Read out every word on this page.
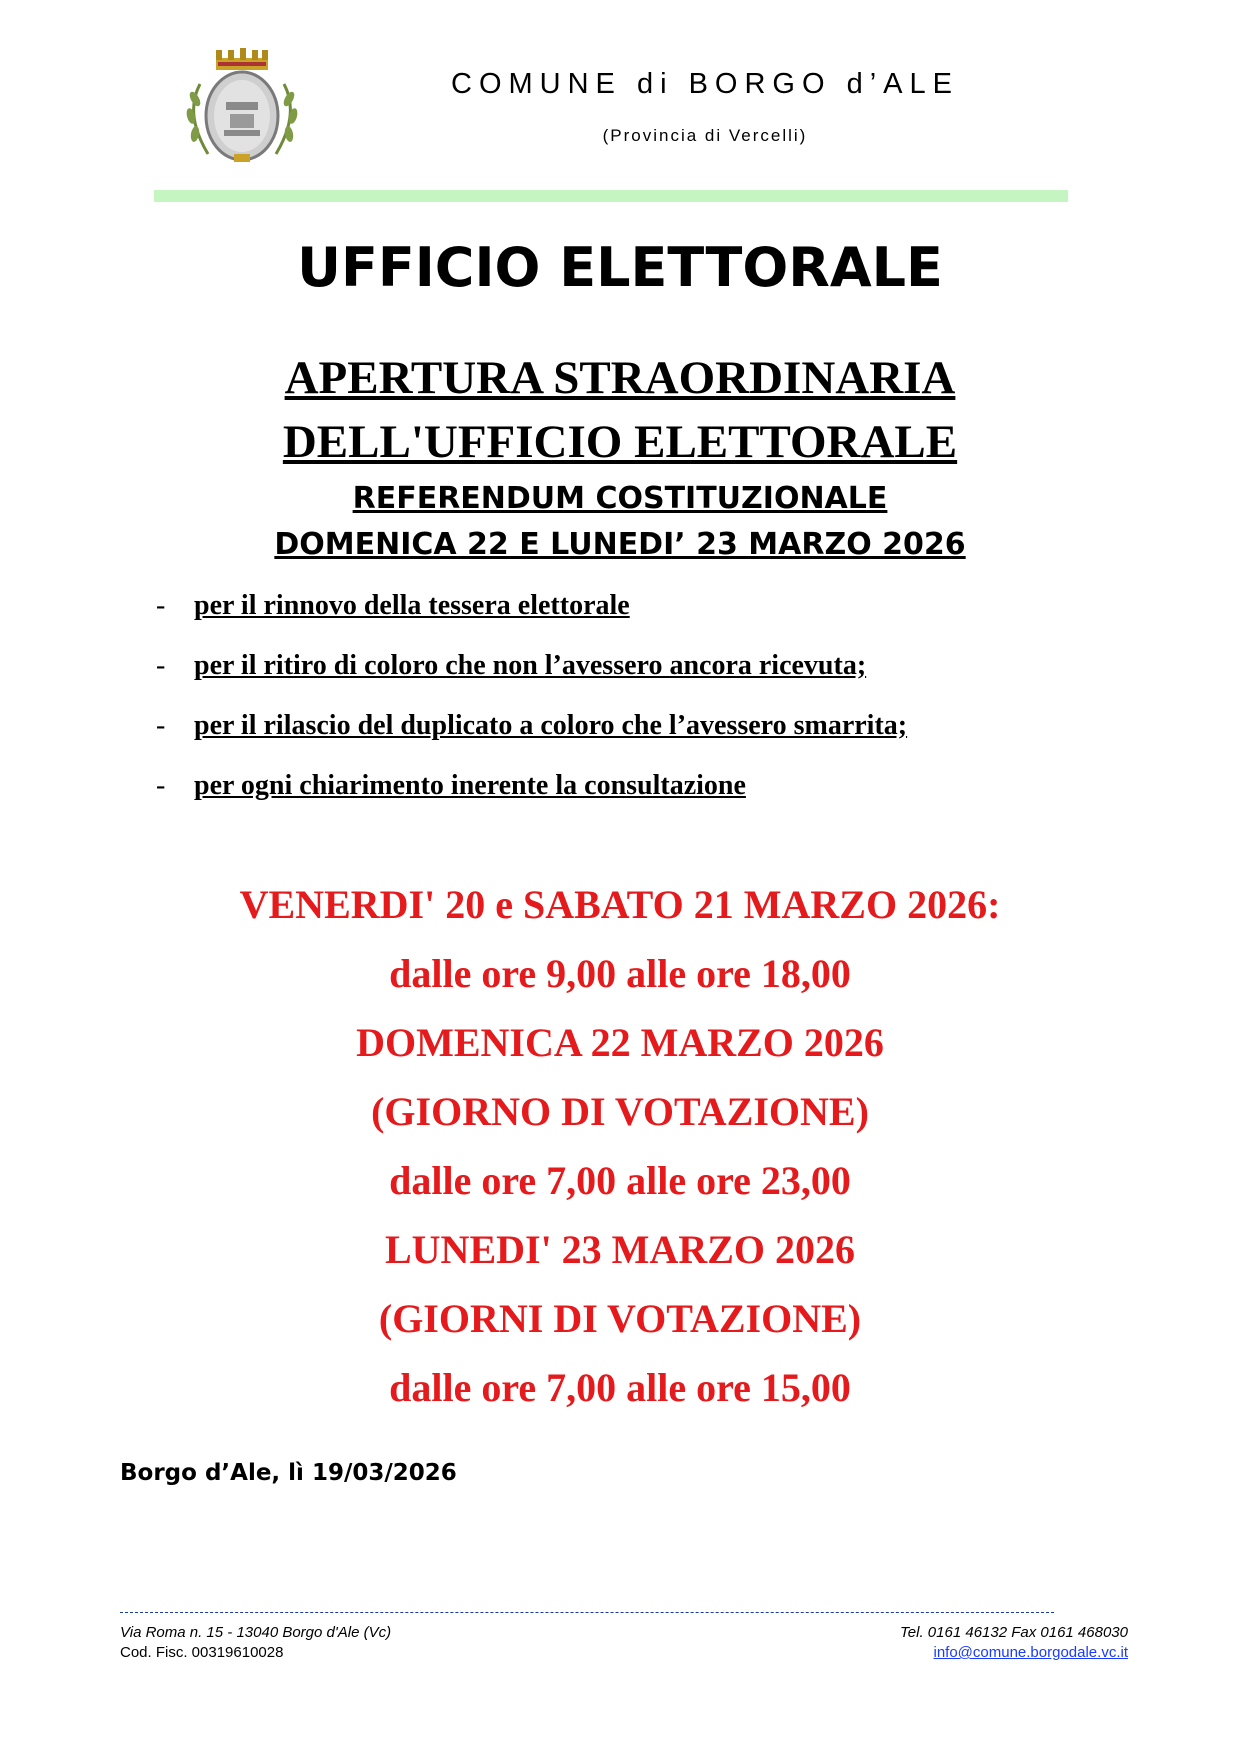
COMUNE di BORGO d’ALE
(Provincia di Vercelli)
UFFICIO ELETTORALE
APERTURA STRAORDINARIA
DELL'UFFICIO ELETTORALE
REFERENDUM COSTITUZIONALE
DOMENICA 22 E LUNEDI’ 23 MARZO 2026
- per il rinnovo della tessera elettorale
- per il ritiro di coloro che non l’avessero ancora ricevuta;
- per il rilascio del duplicato a coloro che l’avessero smarrita;
- per ogni chiarimento inerente la consultazione
VENERDI' 20 e SABATO 21 MARZO 2026:
dalle ore 9,00 alle ore 18,00
DOMENICA 22 MARZO 2026
(GIORNO DI VOTAZIONE)
dalle ore 7,00 alle ore 23,00
LUNEDI' 23 MARZO 2026
(GIORNI DI VOTAZIONE)
dalle ore 7,00 alle ore 15,00
Borgo d’Ale, lì 19/03/2026
Via Roma n. 15 - 13040 Borgo d'Ale (Vc)
Cod. Fisc. 00319610028
Tel. 0161 46132 Fax 0161 468030
info@comune.borgodale.vc.it
